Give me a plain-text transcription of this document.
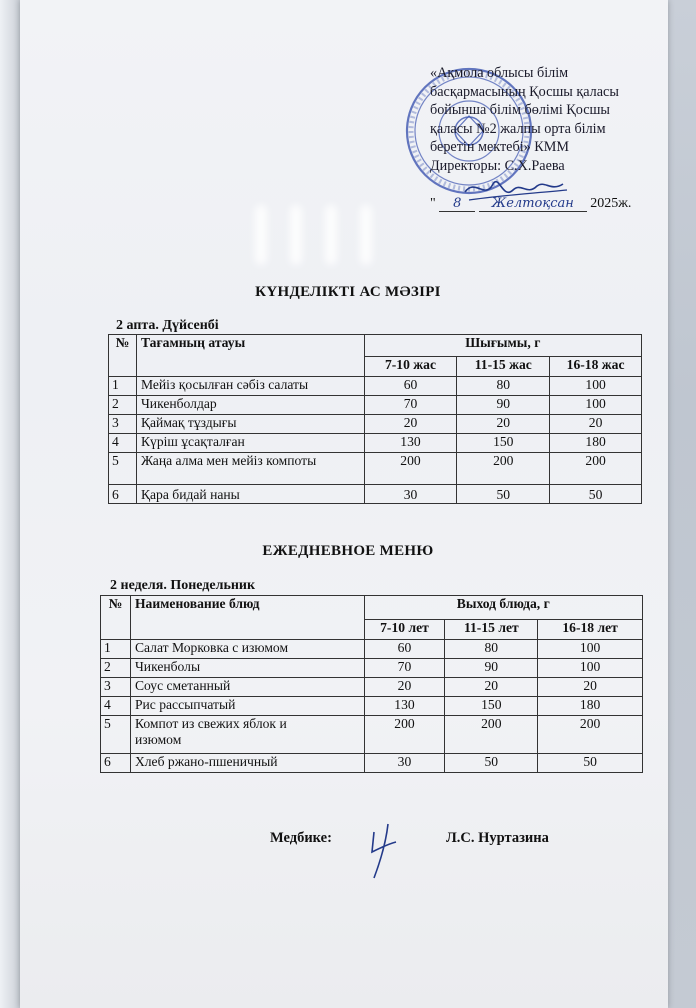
«Ақмола облысы білім
басқармасының Қосшы қаласы
бойынша білім бөлімі Қосшы
қаласы №2 жалпы орта білім
беретін мектебі» КММ
Директоры: С.Х.Раева
" 8 Желтоқсан 2025ж.
КҮНДЕЛІКТІ АС МӘЗІРІ
2 апта. Дүйсенбі
№	Тағамның атауы	Шығымы, г		
		7-10 жас	11-15 жас	16-18 жас
1	Мейіз қосылған сәбіз салаты	60	80	100
2	Чикенболдар	70	90	100
3	Қаймақ тұздығы	20	20	20
4	Күріш ұсақталған	130	150	180
5	Жаңа алма мен мейіз компоты	200	200	200
6	Қара бидай наны	30	50	50
ЕЖЕДНЕВНОЕ МЕНЮ
2 неделя. Понедельник
№	Наименование блюд	Выход блюда, г		
		7-10 лет	11-15 лет	16-18 лет
1	Салат Морковка с изюмом	60	80	100
2	Чикенболы	70	90	100
3	Соус сметанный	20	20	20
4	Рис рассыпчатый	130	150	180
5	Компот из свежих яблок и
изюмом	200	200	200
6	Хлеб ржано-пшеничный	30	50	50
Медбике:	Л.С. Нуртазина
